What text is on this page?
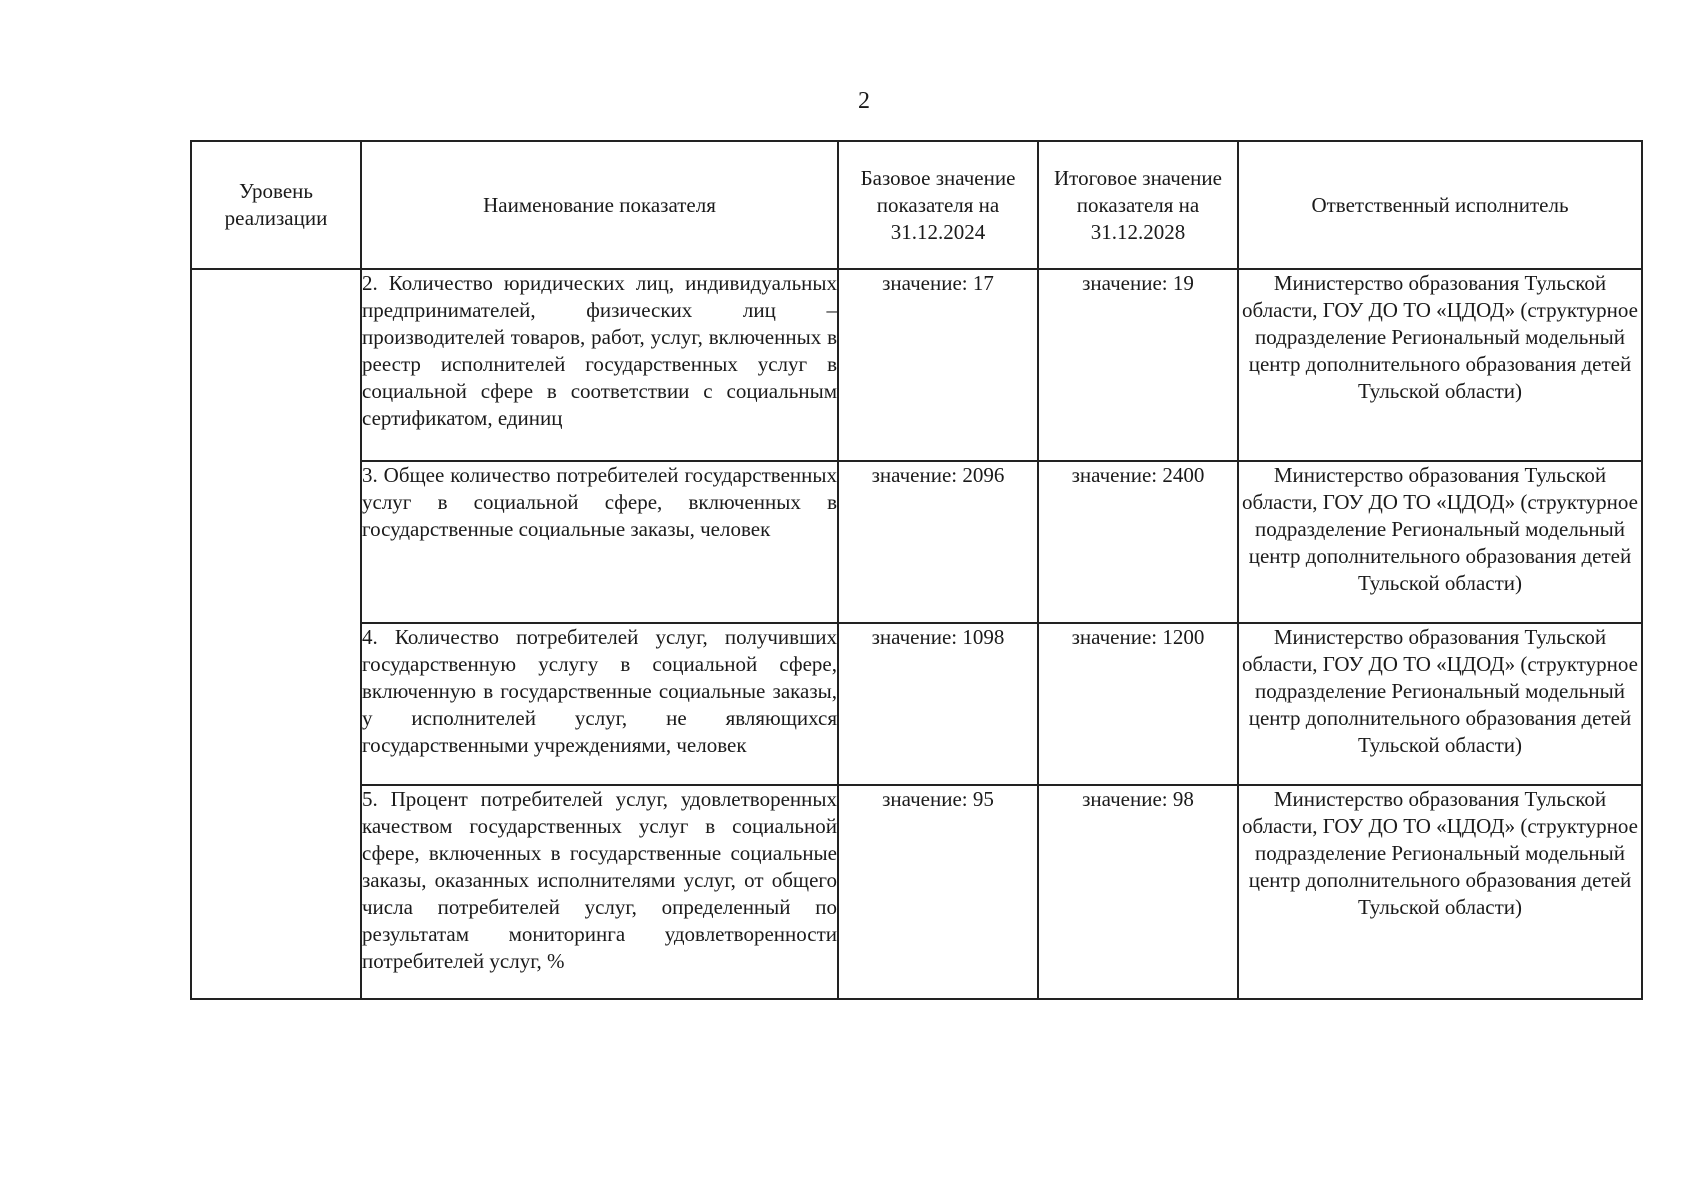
2
Уровень реализации	Наименование показателя	Базовое значение показателя на 31.12.2024	Итоговое значение показателя на 31.12.2028	Ответственный исполнитель
	2. Количество юридических лиц, индивидуальных предпринимателей, физических лиц – производителей товаров, работ, услуг, включенных в реестр исполнителей государственных услуг в социальной сфере в соответствии с социальным сертификатом, единиц	значение: 17	значение: 19	Министерство образования Тульской области, ГОУ ДО ТО «ЦДОД» (структурное подразделение Региональный модельный центр дополнительного образования детей Тульской области)
	3. Общее количество потребителей государственных услуг в социальной сфере, включенных в государственные социальные заказы, человек	значение: 2096	значение: 2400	Министерство образования Тульской области, ГОУ ДО ТО «ЦДОД» (структурное подразделение Региональный модельный центр дополнительного образования детей Тульской области)
	4. Количество потребителей услуг, получивших государственную услугу в социальной сфере, включенную в государственные социальные заказы, у исполнителей услуг, не являющихся государственными учреждениями, человек	значение: 1098	значение: 1200	Министерство образования Тульской области, ГОУ ДО ТО «ЦДОД» (структурное подразделение Региональный модельный центр дополнительного образования детей Тульской области)
	5. Процент потребителей услуг, удовлетворенных качеством государственных услуг в социальной сфере, включенных в государственные социальные заказы, оказанных исполнителями услуг, от общего числа потребителей услуг, определенный по результатам мониторинга удовлетворенности потребителей услуг, %	значение: 95	значение: 98	Министерство образования Тульской области, ГОУ ДО ТО «ЦДОД» (структурное подразделение Региональный модельный центр дополнительного образования детей Тульской области)
